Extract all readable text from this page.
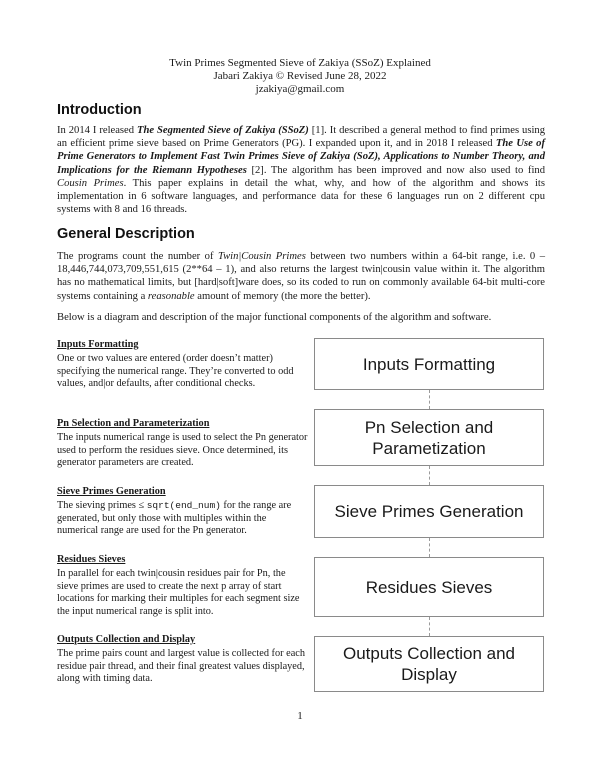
Twin Primes Segmented Sieve of Zakiya (SSoZ) Explained
Jabari Zakiya © Revised June 28, 2022
jzakiya@gmail.com
Introduction

In 2014 I released The Segmented Sieve of Zakiya (SSoZ) [1]. It described a general method to find primes using an efficient prime sieve based on Prime Generators (PG). I expanded upon it, and in 2018 I released The Use of Prime Generators to Implement Fast Twin Primes Sieve of Zakiya (SoZ), Applications to Number Theory, and Implications for the Riemann Hypotheses [2]. The algorithm has been improved and now also used to find Cousin Primes. This paper explains in detail the what, why, and how of the algorithm and shows its implementation in 6 software languages, and performance data for these 6 languages run on 2 different cpu systems with 8 and 16 threads.

General Description

The programs count the number of Twin|Cousin Primes between two numbers within a 64-bit range, i.e. 0 – 18,446,744,073,709,551,615 (2**64 – 1), and also returns the largest twin|cousin value within it. The algorithm has no mathematical limits, but [hard|soft]ware does, so its coded to run on commonly available 64-bit multi-core systems containing a reasonable amount of memory (the more the better).

Below is a diagram and description of the major functional components of the algorithm and software.
Inputs Formatting

One or two values are entered (order doesn’t matter) specifying the numerical range. They’re converted to odd values, and|or defaults, after conditional checks.

Pn Selection and Parameterization

The inputs numerical range is used to select the Pn generator used to perform the residues sieve. Once determined, its generator parameters are created.

Sieve Primes Generation

The sieving primes ≤ sqrt(end_num) for the range are generated, but only those with multiples within the numerical range are used for the Pn generator.

Residues Sieves

In parallel for each twin|cousin residues pair for Pn, the sieve primes are used to create the next p array of start locations for marking their multiples for each segment size the input numerical range is split into.

Outputs Collection and Display

The prime pairs count and largest value is collected for each residue pair thread, and their final greatest values displayed, along with timing data.

Inputs Formatting
Pn Selection and Parametization
Sieve Primes Generation
Residues Sieves
Outputs Collection and Display
1
